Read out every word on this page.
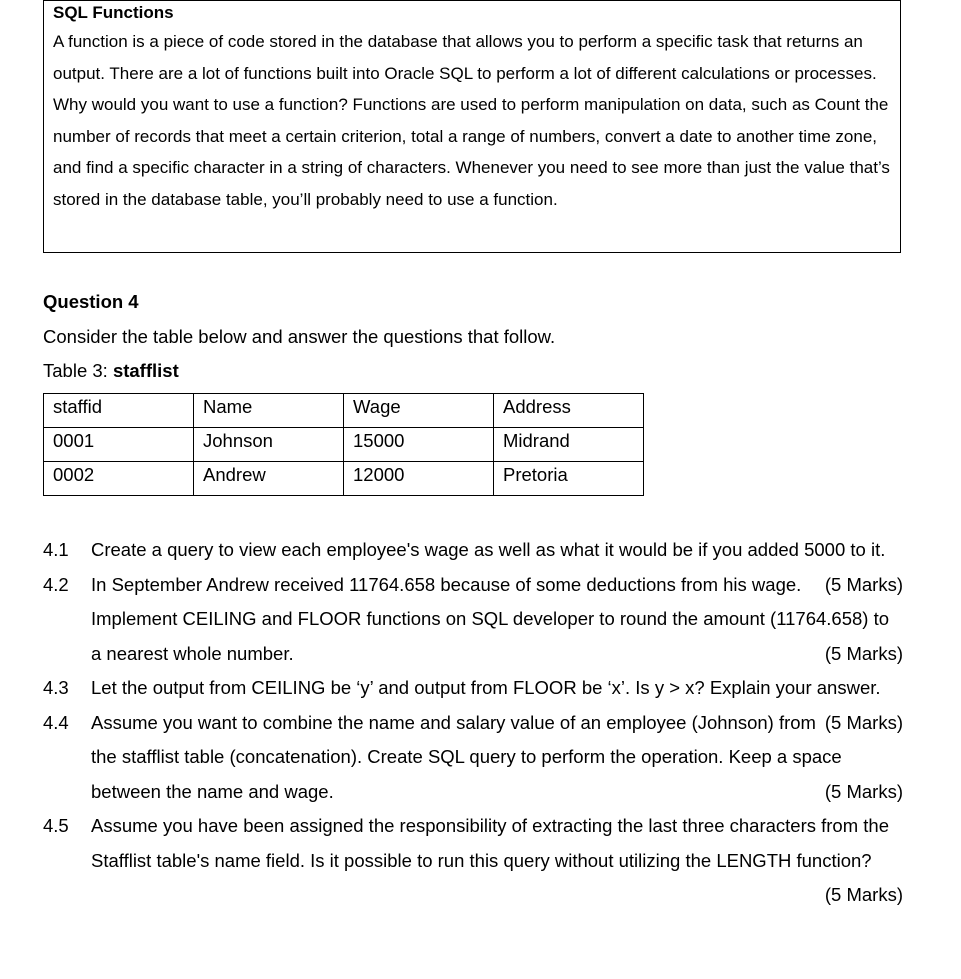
SQL Functions
A function is a piece of code stored in the database that allows you to perform a specific task that returns an output. There are a lot of functions built into Oracle SQL to perform a lot of different calculations or processes. Why would you want to use a function? Functions are used to perform manipulation on data, such as Count the number of records that meet a certain criterion, total a range of numbers, convert a date to another time zone, and find a specific character in a string of characters. Whenever you need to see more than just the value that’s stored in the database table, you’ll probably need to use a function.
Question 4
Consider the table below and answer the questions that follow.
Table 3: stafflist
staffid	Name	Wage	Address
0001	Johnson	15000	Midrand
0002	Andrew	12000	Pretoria
4.1 Create a query to view each employee's wage as well as what it would be if you added 5000 to it.
(5 Marks)
4.2 In September Andrew received 11764.658 because of some deductions from his wage. Implement CEILING and FLOOR functions on SQL developer to round the amount (11764.658) to a nearest whole number.	(5 Marks)
4.3 Let the output from CEILING be ‘y’ and output from FLOOR be ‘x’. Is y > x? Explain your answer.
(5 Marks)
4.4 Assume you want to combine the name and salary value of an employee (Johnson) from the stafflist table (concatenation). Create SQL query to perform the operation. Keep a space between the name and wage.	(5 Marks)
4.5 Assume you have been assigned the responsibility of extracting the last three characters from the Stafflist table's name field. Is it possible to run this query without utilizing the LENGTH function?
(5 Marks)
